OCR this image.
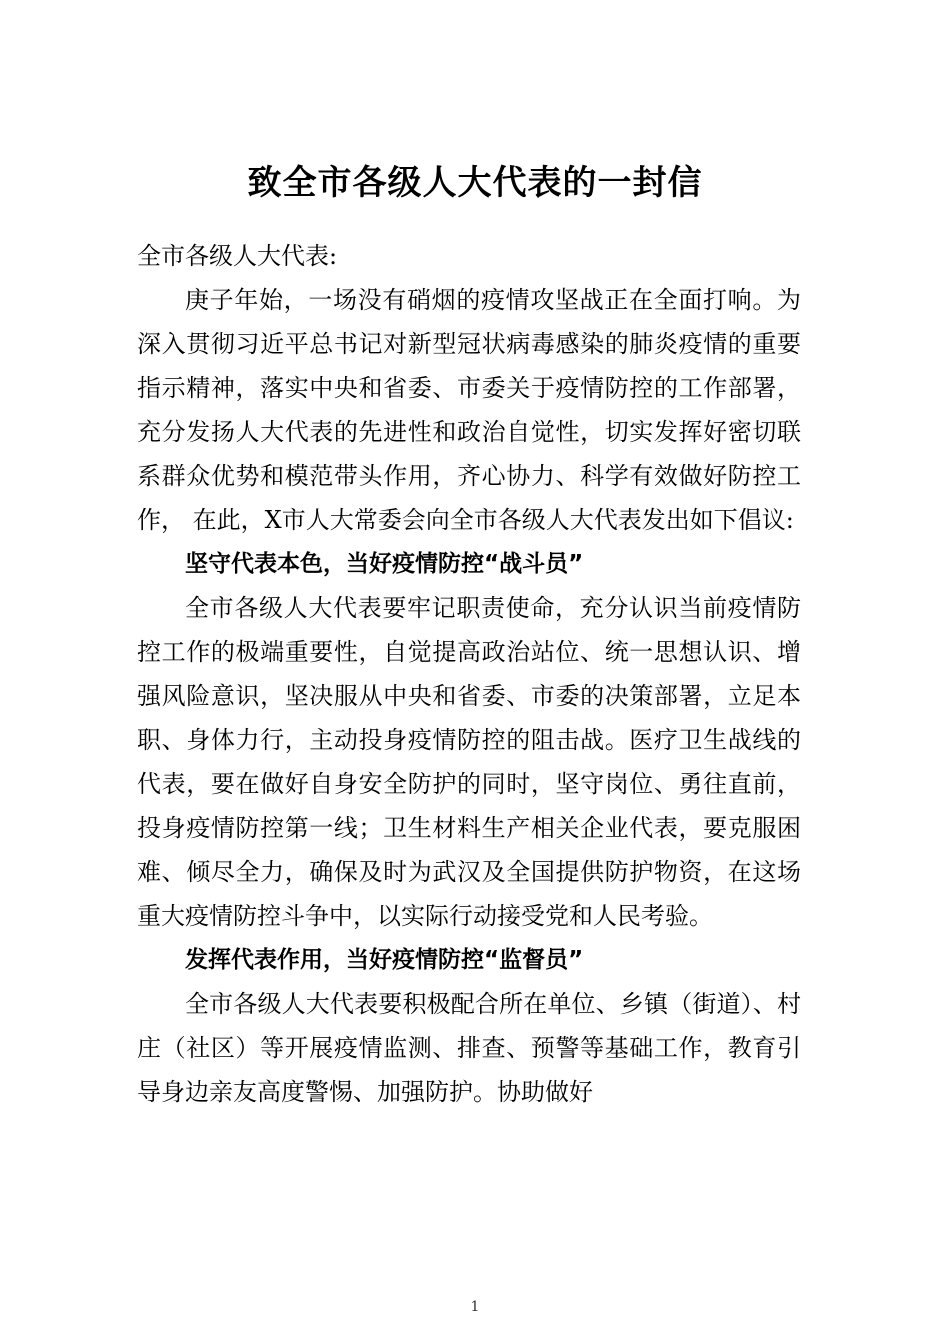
致全市各级人大代表的一封信

全市各级人大代表:

庚子年始，一场没有硝烟的疫情攻坚战正在全面打响。为深入贯彻习近平总书记对新型冠状病毒感染的肺炎疫情的重要指示精神，落实中央和省委、市委关于疫情防控的工作部署，充分发扬人大代表的先进性和政治自觉性，切实发挥好密切联系群众优势和模范带头作用，齐心协力、科学有效做好防控工作， 在此，X市人大常委会向全市各级人大代表发出如下倡议:

坚守代表本色，当好疫情防控“战斗员”

全市各级人大代表要牢记职责使命，充分认识当前疫情防控工作的极端重要性，自觉提高政治站位、统一思想认识、增强风险意识，坚决服从中央和省委、市委的决策部署，立足本职、身体力行，主动投身疫情防控的阻击战。医疗卫生战线的代表，要在做好自身安全防护的同时，坚守岗位、勇往直前，投身疫情防控第一线；卫生材料生产相关企业代表，要克服困难、倾尽全力，确保及时为武汉及全国提供防护物资，在这场重大疫情防控斗争中，以实际行动接受党和人民考验。

发挥代表作用，当好疫情防控“监督员”

全市各级人大代表要积极配合所在单位、乡镇（街道）、村庄（社区）等开展疫情监测、排查、预警等基础工作，教育引导身边亲友高度警惕、加强防护。协助做好

1
